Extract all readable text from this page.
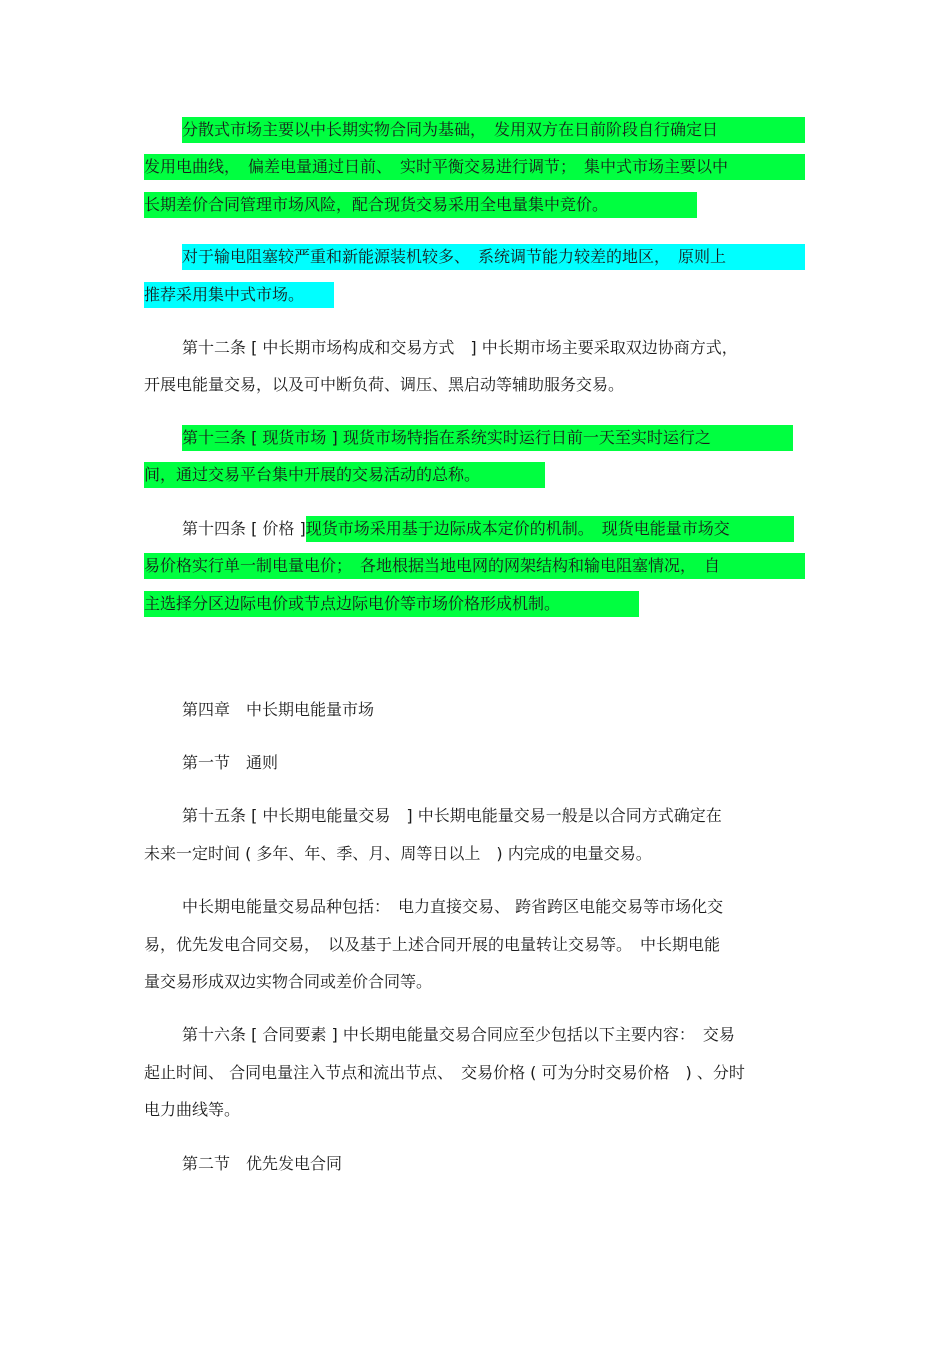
分散式市场主要以中长期实物合同为基础，　发用双方在日前阶段自行确定日
发用电曲线，　偏差电量通过日前、　实时平衡交易进行调节；　集中式市场主要以中
长期差价合同管理市场风险，配合现货交易采用全电量集中竞价。
对于输电阻塞较严重和新能源装机较多、　系统调节能力较差的地区，　原则上
推荐采用集中式市场。
第十二条 [ 中长期市场构成和交易方式　] 中长期市场主要采取双边协商方式，
开展电能量交易，以及可中断负荷、调压、黑启动等辅助服务交易。
第十三条 [ 现货市场 ] 现货市场特指在系统实时运行日前一天至实时运行之
间，通过交易平台集中开展的交易活动的总称。
第十四条 [ 价格 ]现货市场采用基于边际成本定价的机制。　现货电能量市场交
易价格实行单一制电量电价；　各地根据当地电网的网架结构和输电阻塞情况，　自
主选择分区边际电价或节点边际电价等市场价格形成机制。
第四章　中长期电能量市场
第一节　通则
第十五条 [ 中长期电能量交易　] 中长期电能量交易一般是以合同方式确定在
未来一定时间 ( 多年、年、季、月、周等日以上　) 内完成的电量交易。
中长期电能量交易品种包括：　电力直接交易、 跨省跨区电能交易等市场化交
易，优先发电合同交易，　以及基于上述合同开展的电量转让交易等。　中长期电能
量交易形成双边实物合同或差价合同等。
第十六条 [ 合同要素 ] 中长期电能量交易合同应至少包括以下主要内容：　交易
起止时间、 合同电量注入节点和流出节点、　交易价格 ( 可为分时交易价格　) 、分时
电力曲线等。
第二节　优先发电合同
